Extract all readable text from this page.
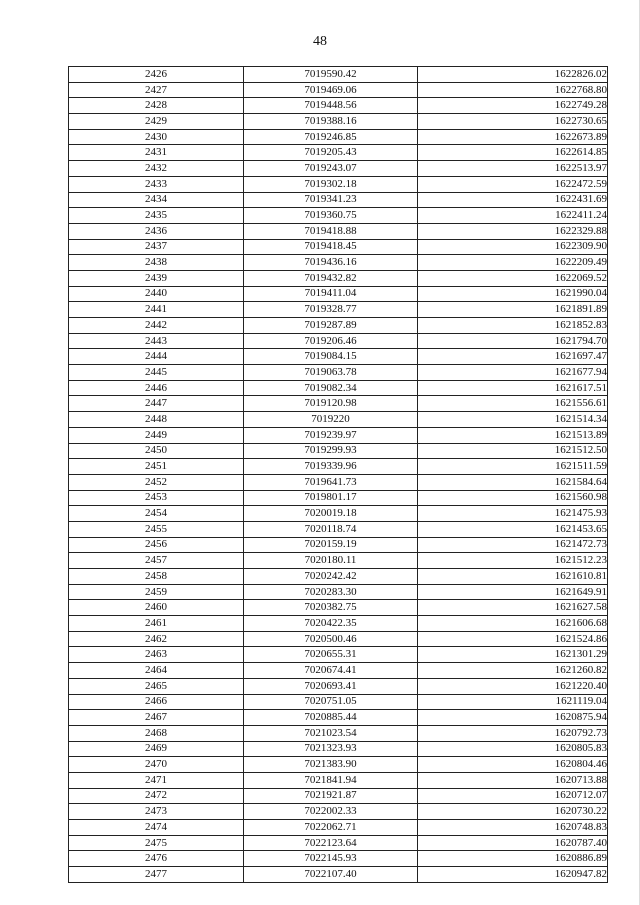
48
2426	7019590.42	1622826.02
2427	7019469.06	1622768.80
2428	7019448.56	1622749.28
2429	7019388.16	1622730.65
2430	7019246.85	1622673.89
2431	7019205.43	1622614.85
2432	7019243.07	1622513.97
2433	7019302.18	1622472.59
2434	7019341.23	1622431.69
2435	7019360.75	1622411.24
2436	7019418.88	1622329.88
2437	7019418.45	1622309.90
2438	7019436.16	1622209.49
2439	7019432.82	1622069.52
2440	7019411.04	1621990.04
2441	7019328.77	1621891.89
2442	7019287.89	1621852.83
2443	7019206.46	1621794.70
2444	7019084.15	1621697.47
2445	7019063.78	1621677.94
2446	7019082.34	1621617.51
2447	7019120.98	1621556.61
2448	7019220	1621514.34
2449	7019239.97	1621513.89
2450	7019299.93	1621512.50
2451	7019339.96	1621511.59
2452	7019641.73	1621584.64
2453	7019801.17	1621560.98
2454	7020019.18	1621475.93
2455	7020118.74	1621453.65
2456	7020159.19	1621472.73
2457	7020180.11	1621512.23
2458	7020242.42	1621610.81
2459	7020283.30	1621649.91
2460	7020382.75	1621627.58
2461	7020422.35	1621606.68
2462	7020500.46	1621524.86
2463	7020655.31	1621301.29
2464	7020674.41	1621260.82
2465	7020693.41	1621220.40
2466	7020751.05	1621119.04
2467	7020885.44	1620875.94
2468	7021023.54	1620792.73
2469	7021323.93	1620805.83
2470	7021383.90	1620804.46
2471	7021841.94	1620713.88
2472	7021921.87	1620712.07
2473	7022002.33	1620730.22
2474	7022062.71	1620748.83
2475	7022123.64	1620787.40
2476	7022145.93	1620886.89
2477	7022107.40	1620947.82
